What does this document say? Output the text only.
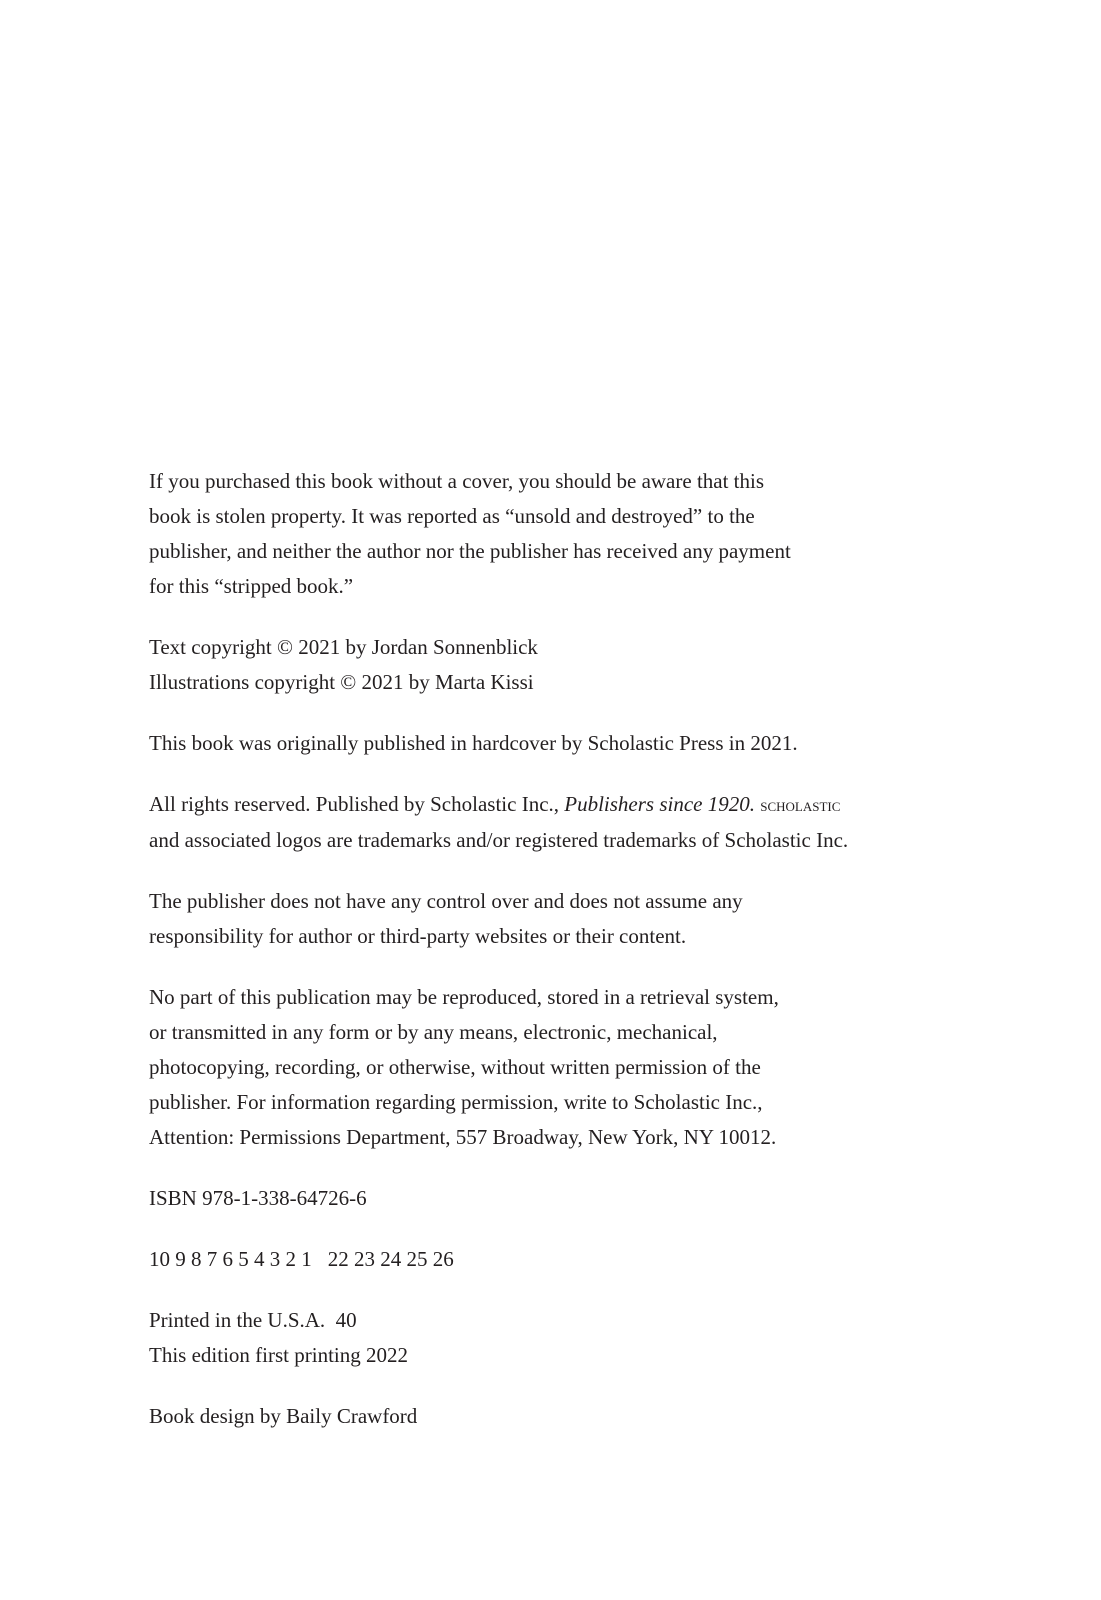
If you purchased this book without a cover, you should be aware that this
book is stolen property. It was reported as “unsold and destroyed” to the
publisher, and neither the author nor the publisher has received any payment
for this “stripped book.”

Text copyright © 2021 by Jordan Sonnenblick
Illustrations copyright © 2021 by Marta Kissi

This book was originally published in hardcover by Scholastic Press in 2021.

All rights reserved. Published by Scholastic Inc., Publishers since 1920. scholastic
and associated logos are trademarks and/or registered trademarks of Scholastic Inc.

The publisher does not have any control over and does not assume any
responsibility for author or third-party websites or their content.

No part of this publication may be reproduced, stored in a retrieval system,
or transmitted in any form or by any means, electronic, mechanical,
photocopying, recording, or otherwise, without written permission of the
publisher. For information regarding permission, write to Scholastic Inc.,
Attention: Permissions Department, 557 Broadway, New York, NY 10012.

ISBN 978-1-338-64726-6

10 9 8 7 6 5 4 3 2 1 22 23 24 25 26

Printed in the U.S.A.  40
This edition first printing 2022

Book design by Baily Crawford
